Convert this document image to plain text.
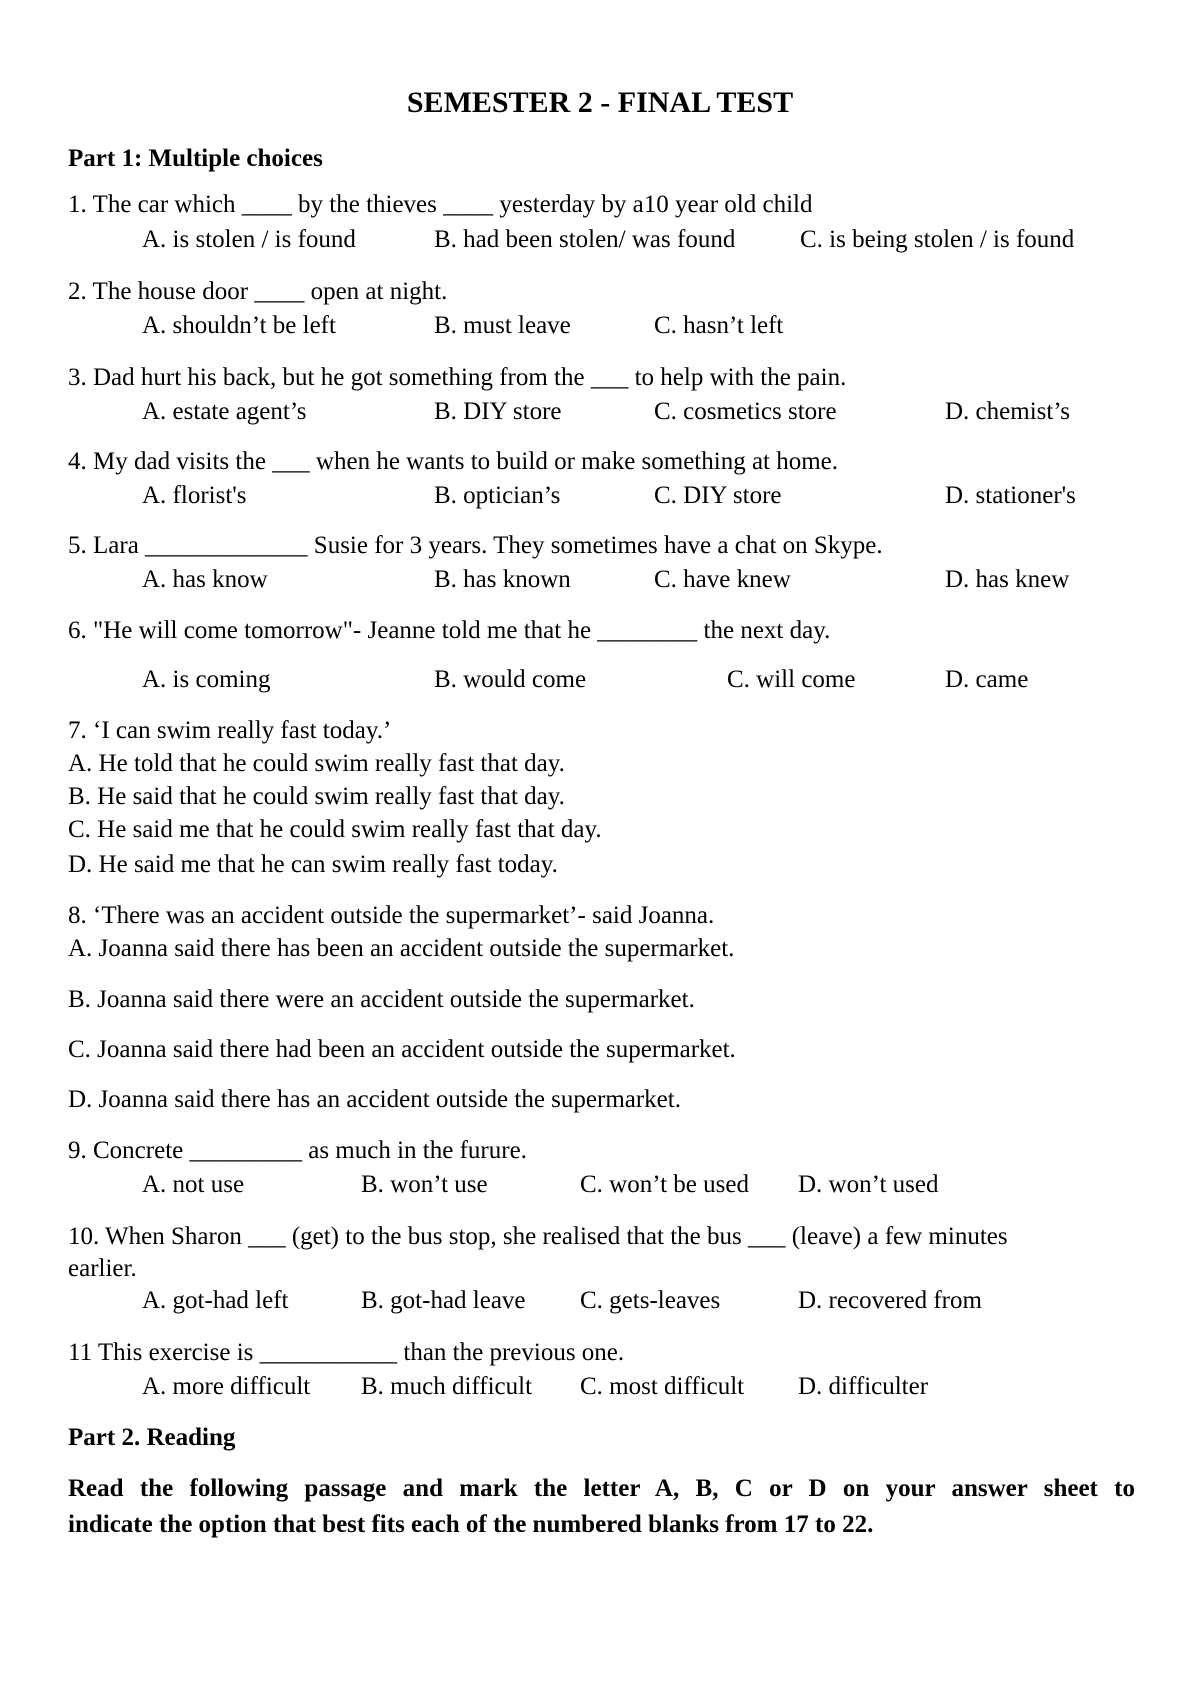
SEMESTER 2 - FINAL TEST
Part 1: Multiple choices
1. The car which ____ by the thieves ____ yesterday by a10 year old child
A. is stolen / is found	B. had been stolen/ was found	C. is being stolen / is found
2. The house door ____ open at night.
A. shouldn’t be left	B. must leave	C. hasn’t left
3. Dad hurt his back, but he got something from the ___ to help with the pain.
A. estate agent’s	B. DIY store	C. cosmetics store	D. chemist’s
4. My dad visits the ___ when he wants to build or make something at home.
A. florist's	B. optician’s	C. DIY store	D. stationer's
5. Lara _____________ Susie for 3 years. They sometimes have a chat on Skype.
A. has know	B. has known	C. have knew	D. has knew
6. "He will come tomorrow"- Jeanne told me that he ________ the next day.
A. is coming	B. would come	C. will come	D. came
7. ‘I can swim really fast today.’
A. He told that he could swim really fast that day.
B. He said that he could swim really fast that day.
C. He said me that he could swim really fast that day.
D. He said me that he can swim really fast today.
8. ‘There was an accident outside the supermarket’- said Joanna.
A. Joanna said there has been an accident outside the supermarket.
B. Joanna said there were an accident outside the supermarket.
C. Joanna said there had been an accident outside the supermarket.
D. Joanna said there has an accident outside the supermarket.
9. Concrete _________ as much in the furure.
A. not use	B. won’t use	C. won’t be used D. won’t used
10. When Sharon ___ (get) to the bus stop, she realised that the bus ___ (leave) a few minutes
earlier.
A. got-had left	B. got-had leave C. gets-leaves	D. recovered from
11 This exercise is ___________ than the previous one.
A. more difficult B. much difficult C. most difficult D. difficulter
Part 2. Reading
Read the following passage and mark the letter A, B, C or D on your answer sheet to
indicate the option that best fits each of the numbered blanks from 17 to 22.
